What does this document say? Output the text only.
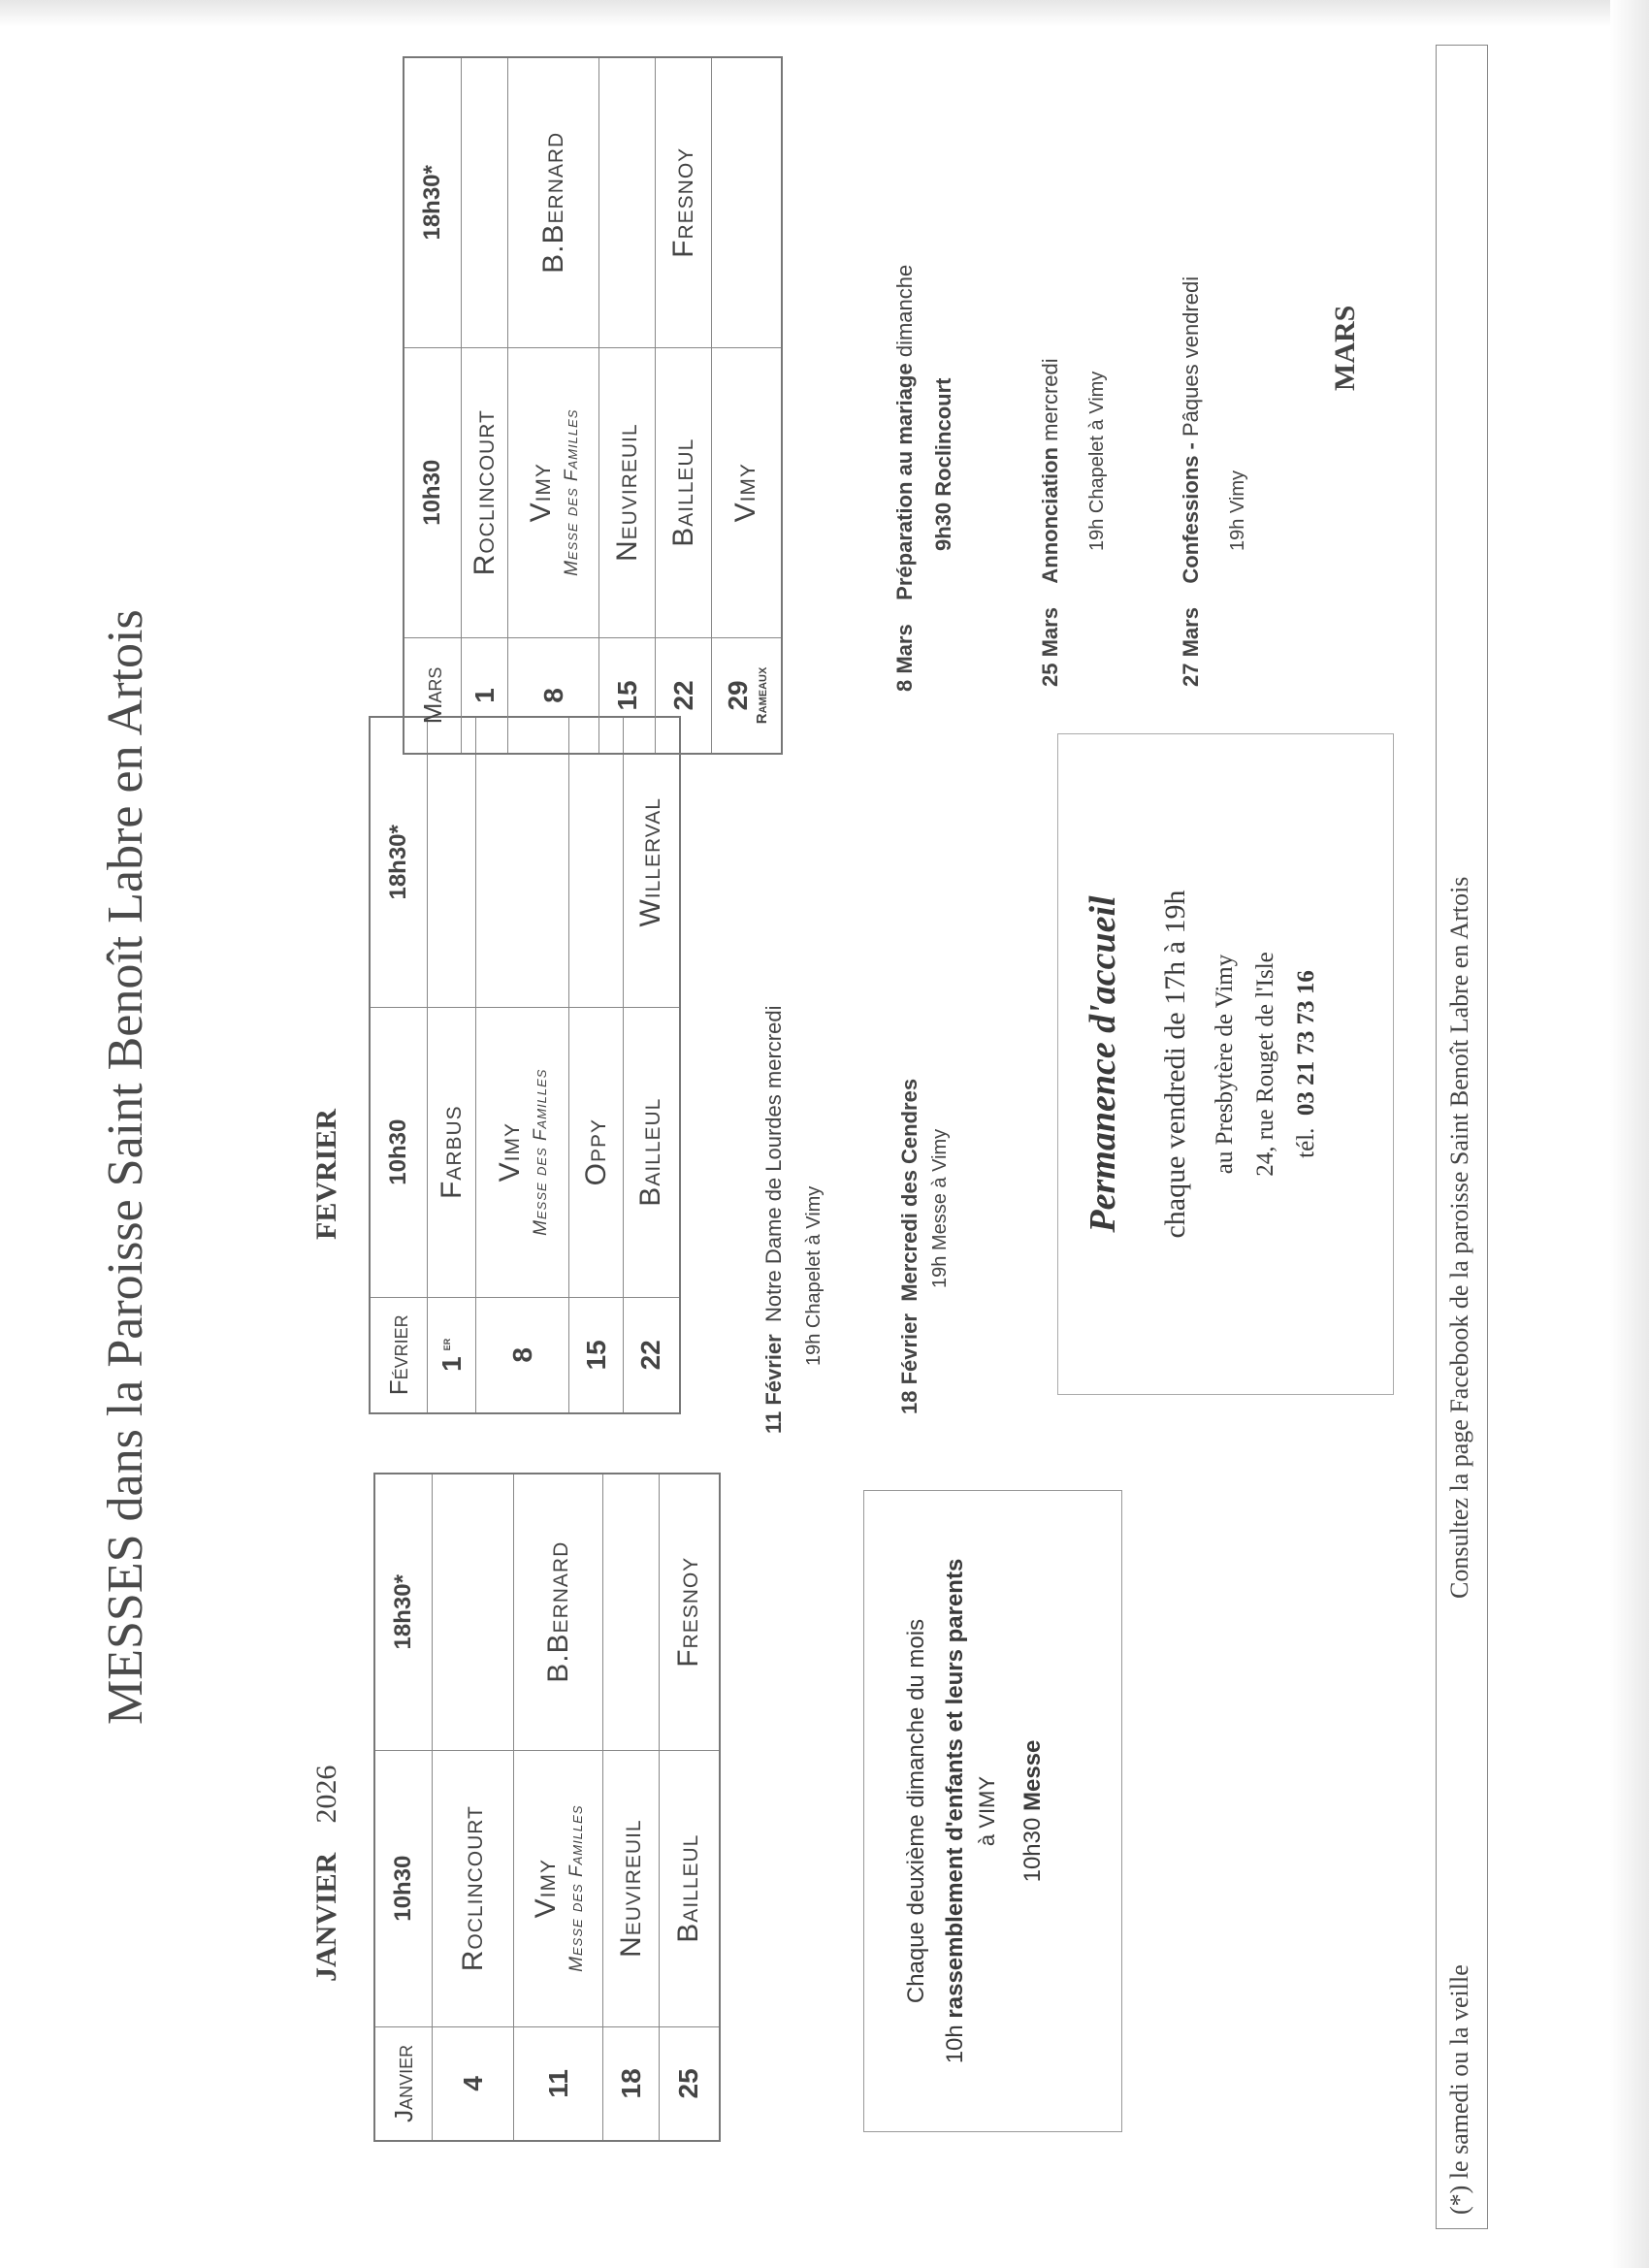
MESSES dans la Paroisse Saint Benoît Labre en Artois
JANVIER2026
Janvier	10h30	18h30*
4	Roclincourt	
11	Vimy Messe des Familles	B.Bernard
18	Neuvireuil	
25	Bailleul	Fresnoy
Chaque deuxième dimanche du mois
10h rassemblement d'enfants et leurs parents à VIMY 10h30 Messe
FEVRIER
Février	10h30	18h30*
1er	Farbus	
8	Vimy Messe des Familles	

15	Oppy	
22	Bailleul	Willerval
11 Février  Notre Dame de Lourdes mercredi 19h Chapelet à Vimy	18 Février  Mercredi des Cendres 19h Messe à Vimy
8 Mars    Préparation au mariage dimanche
9h30 Roclincourt
25 Mars    Annonciation mercredi 19h Chapelet à Vimy
27 Mars    Confessions - Pâques vendredi
19h Vimy
MARS
Mars	10h30	18h30*
1	Roclincourt	
8	Vimy Messe des Familles	B.Bernard
15	Neuvireuil	
22	Bailleul	Fresnoy
29 Rameaux	Vimy	
Permanence d'accueil chaque vendredi de 17h à 19h au Presbytère de Vimy 24, rue Rouget de l'Isle tél.  03 21 73 73 16
(*) le samedi ou la veille
Consultez la page Facebook de la paroisse Saint Benoît Labre en Artois
